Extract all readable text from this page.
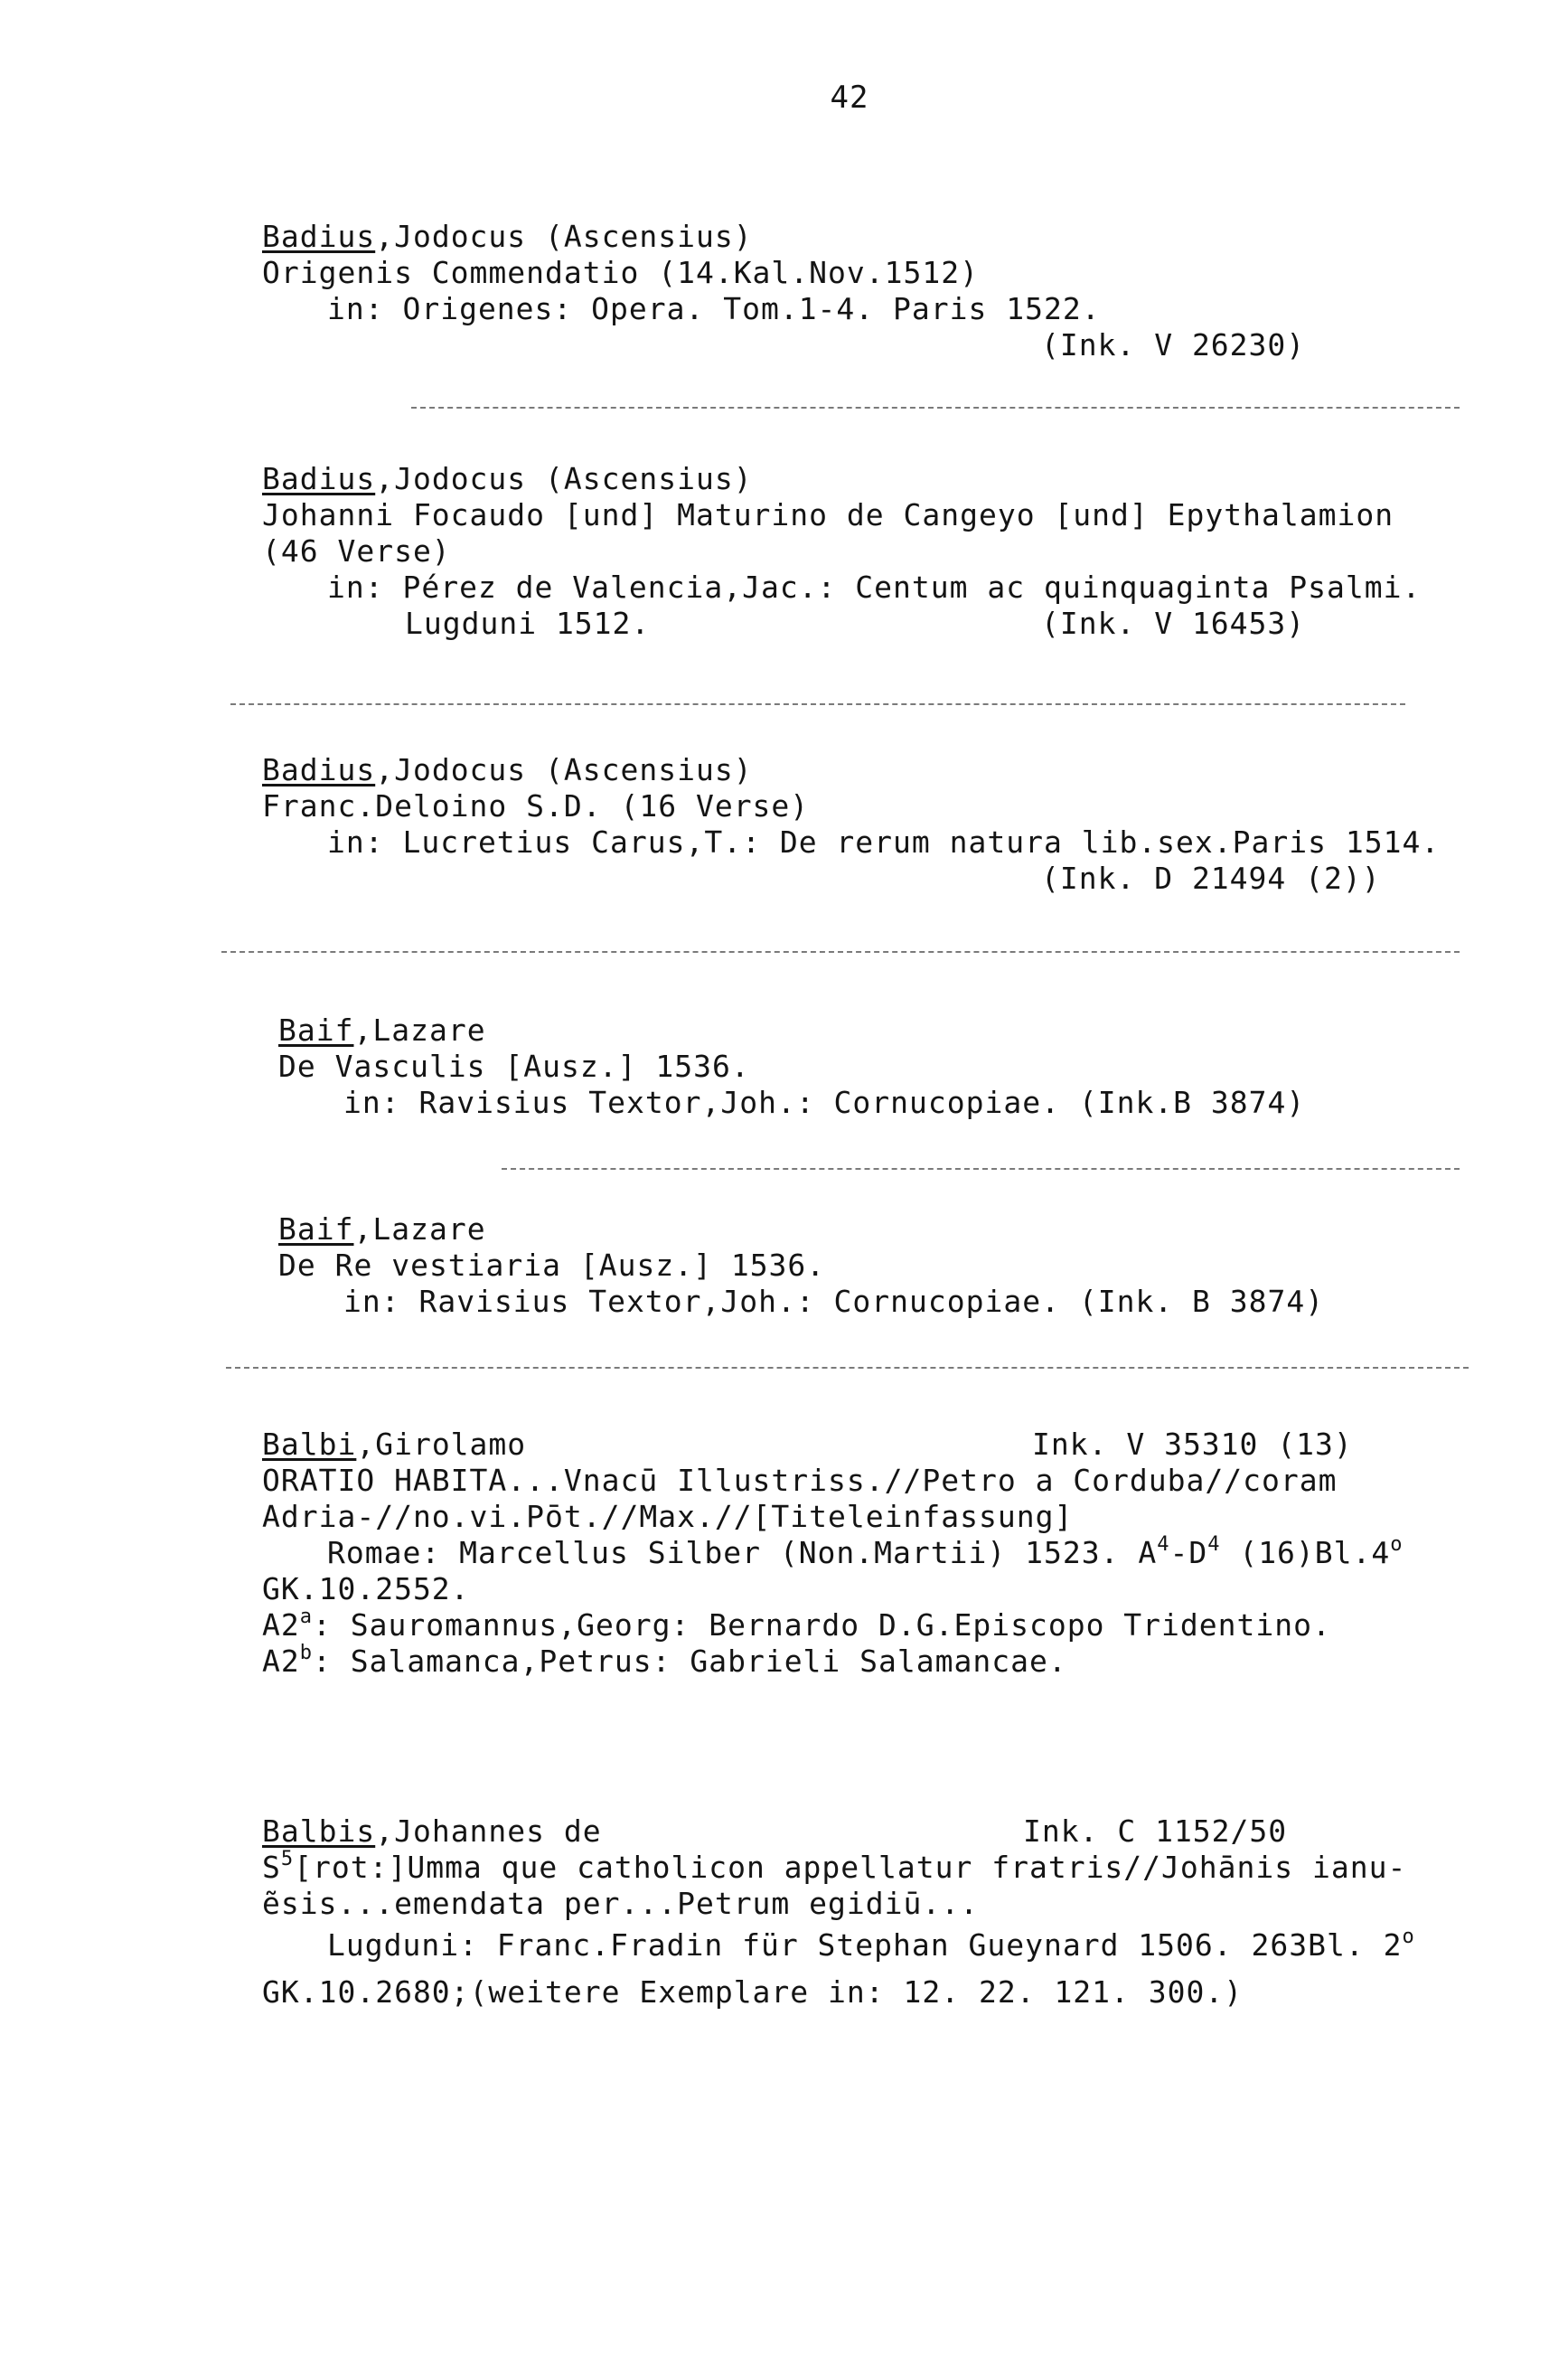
42
Badius,Jodocus (Ascensius)
Origenis Commendatio (14.Kal.Nov.1512)
in: Origenes: Opera. Tom.1-4. Paris 1522.
(Ink. V 26230)
Badius,Jodocus (Ascensius)
Johanni Focaudo [und] Maturino de Cangeyo [und] Epythalamion
(46 Verse)
in: Pérez de Valencia,Jac.: Centum ac quinquaginta Psalmi.
Lugduni 1512.	(Ink. V 16453)
Badius,Jodocus (Ascensius)
Franc.Deloino S.D. (16 Verse)
in: Lucretius Carus,T.: De rerum natura lib.sex.Paris 1514.
(Ink. D 21494 (2))
Baif,Lazare
De Vasculis [Ausz.] 1536.
in: Ravisius Textor,Joh.: Cornucopiae. (Ink.B 3874)
Baif,Lazare
De Re vestiaria [Ausz.] 1536.
in: Ravisius Textor,Joh.: Cornucopiae. (Ink. B 3874)
Balbi,Girolamo	Ink. V 35310 (13)
ORATIO HABITA...Vnacū Illustriss.//Petro a Corduba//coram
Adria-//no.vi.Pōt.//Max.//[Titeleinfassung]
Romae: Marcellus Silber (Non.Martii) 1523. $A^4-D^4$ (16)Bl.4$^o$
GK.10.2552.
A2$^a$: Sauromannus,Georg: Bernardo D.G.Episcopo Tridentino.
A2$^b$: Salamanca,Petrus: Gabrieli Salamancae.
Balbis,Johannes de	Ink. C 1152/50
$S^5[rot:]Umma$ que catholicon appellatur fratris//Johānis ianu-
ẽsis...emendata per...Petrum egidiū...
Lugduni: Franc.Fradin für Stephan Gueynard 1506. 263Bl. 2$^o$
GK.10.2680;(weitere Exemplare in: 12. 22. 121. 300.)
